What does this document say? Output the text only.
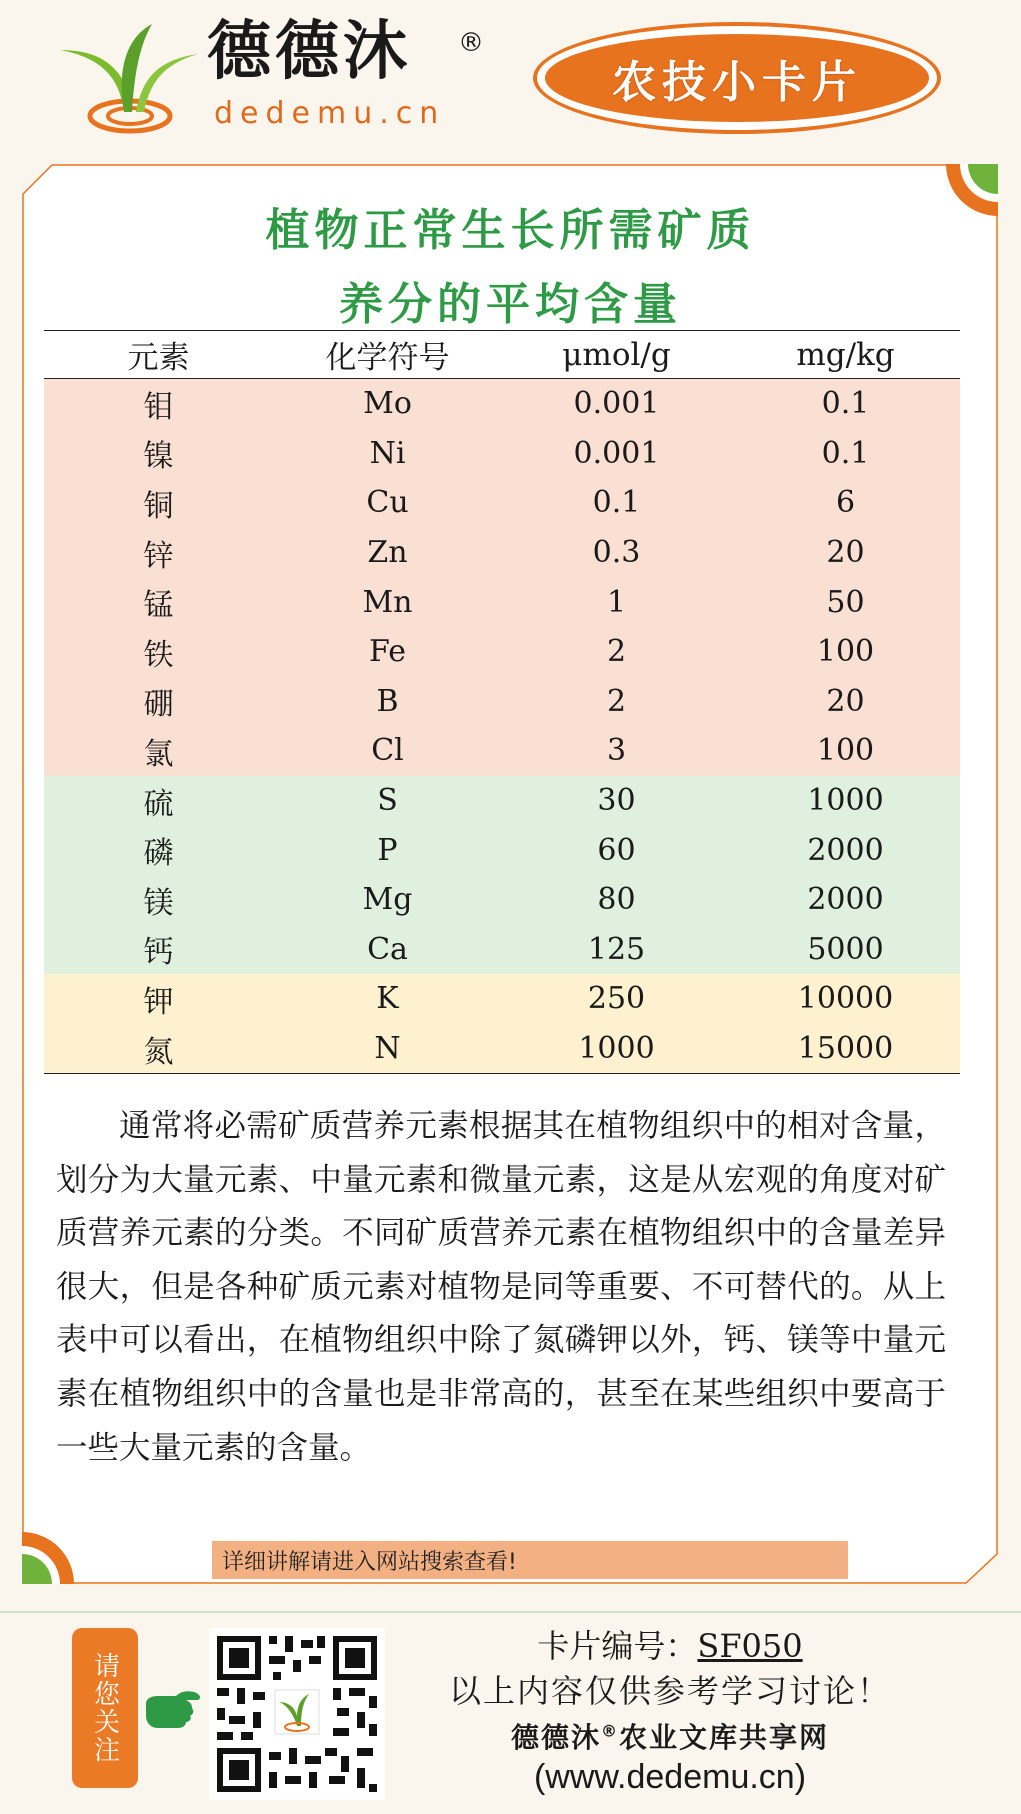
德德沐 ®
dedemu.cn
农技小卡片
植物正常生长所需矿质
养分的平均含量
元素	化学符号	μmol/g	mg/kg
钼	Mo	0.001	0.1
镍	Ni	0.001	0.1
铜	Cu	0.1	6
锌	Zn	0.3	20
锰	Mn	1	50
铁	Fe	2	100
硼	B	2	20
氯	Cl	3	100
硫	S	30	1000
磷	P	60	2000
镁	Mg	80	2000
钙	Ca	125	5000
钾	K	250	10000
氮	N	1000	15000

通常将必需矿质营养元素根据其在植物组织中的相对含量，划分为大量元素、中量元素和微量元素，这是从宏观的角度对矿质营养元素的分类。不同矿质营养元素在植物组织中的含量差异很大，但是各种矿质元素对植物是同等重要、不可替代的。从上表中可以看出，在植物组织中除了氮磷钾以外，钙、镁等中量元素在植物组织中的含量也是非常高的，甚至在某些组织中要高于一些大量元素的含量。

详细讲解请进入网站搜索查看!
请您关注
卡片编号：SF050
以上内容仅供参考学习讨论！
德德沐®农业文库共享网
(www.dedemu.cn)
